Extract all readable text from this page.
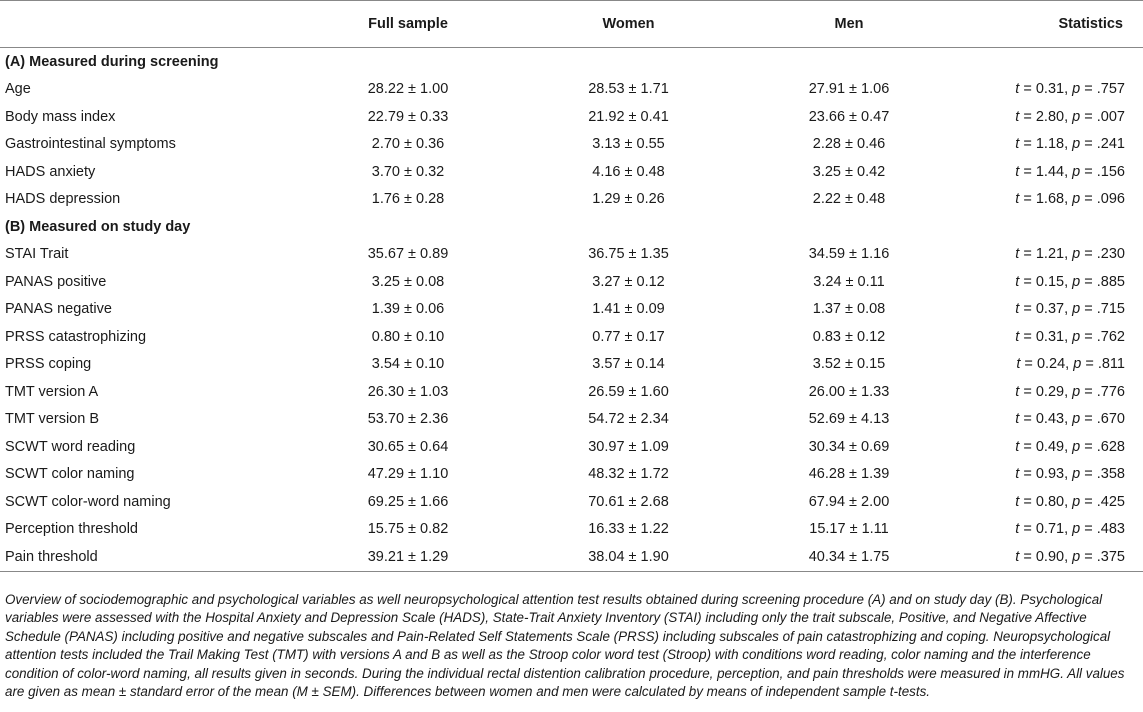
	Full sample	Women	Men	Statistics
(A) Measured during screening				
Age	28.22 ± 1.00	28.53 ± 1.71	27.91 ± 1.06	t = 0.31, p = .757
Body mass index	22.79 ± 0.33	21.92 ± 0.41	23.66 ± 0.47	t = 2.80, p = .007
Gastrointestinal symptoms	2.70 ± 0.36	3.13 ± 0.55	2.28 ± 0.46	t = 1.18, p = .241
HADS anxiety	3.70 ± 0.32	4.16 ± 0.48	3.25 ± 0.42	t = 1.44, p = .156
HADS depression	1.76 ± 0.28	1.29 ± 0.26	2.22 ± 0.48	t = 1.68, p = .096
(B) Measured on study day				
STAI Trait	35.67 ± 0.89	36.75 ± 1.35	34.59 ± 1.16	t = 1.21, p = .230
PANAS positive	3.25 ± 0.08	3.27 ± 0.12	3.24 ± 0.11	t = 0.15, p = .885
PANAS negative	1.39 ± 0.06	1.41 ± 0.09	1.37 ± 0.08	t = 0.37, p = .715
PRSS catastrophizing	0.80 ± 0.10	0.77 ± 0.17	0.83 ± 0.12	t = 0.31, p = .762
PRSS coping	3.54 ± 0.10	3.57 ± 0.14	3.52 ± 0.15	t = 0.24, p = .811
TMT version A	26.30 ± 1.03	26.59 ± 1.60	26.00 ± 1.33	t = 0.29, p = .776
TMT version B	53.70 ± 2.36	54.72 ± 2.34	52.69 ± 4.13	t = 0.43, p = .670
SCWT word reading	30.65 ± 0.64	30.97 ± 1.09	30.34 ± 0.69	t = 0.49, p = .628
SCWT color naming	47.29 ± 1.10	48.32 ± 1.72	46.28 ± 1.39	t = 0.93, p = .358
SCWT color-word naming	69.25 ± 1.66	70.61 ± 2.68	67.94 ± 2.00	t = 0.80, p = .425
Perception threshold	15.75 ± 0.82	16.33 ± 1.22	15.17 ± 1.11	t = 0.71, p = .483
Pain threshold	39.21 ± 1.29	38.04 ± 1.90	40.34 ± 1.75	t = 0.90, p = .375
Overview of sociodemographic and psychological variables as well neuropsychological attention test results obtained during screening procedure (A) and on study day (B). Psychological variables were assessed with the Hospital Anxiety and Depression Scale (HADS), State-Trait Anxiety Inventory (STAI) including only the trait subscale, Positive, and Negative Affective Schedule (PANAS) including positive and negative subscales and Pain-Related Self Statements Scale (PRSS) including subscales of pain catastrophizing and coping. Neuropsychological attention tests included the Trail Making Test (TMT) with versions A and B as well as the Stroop color word test (Stroop) with conditions word reading, color naming and the interference condition of color-word naming, all results given in seconds. During the individual rectal distention calibration procedure, perception, and pain thresholds were measured in mmHG. All values are given as mean ± standard error of the mean (M ± SEM). Differences between women and men were calculated by means of independent sample t-tests.
